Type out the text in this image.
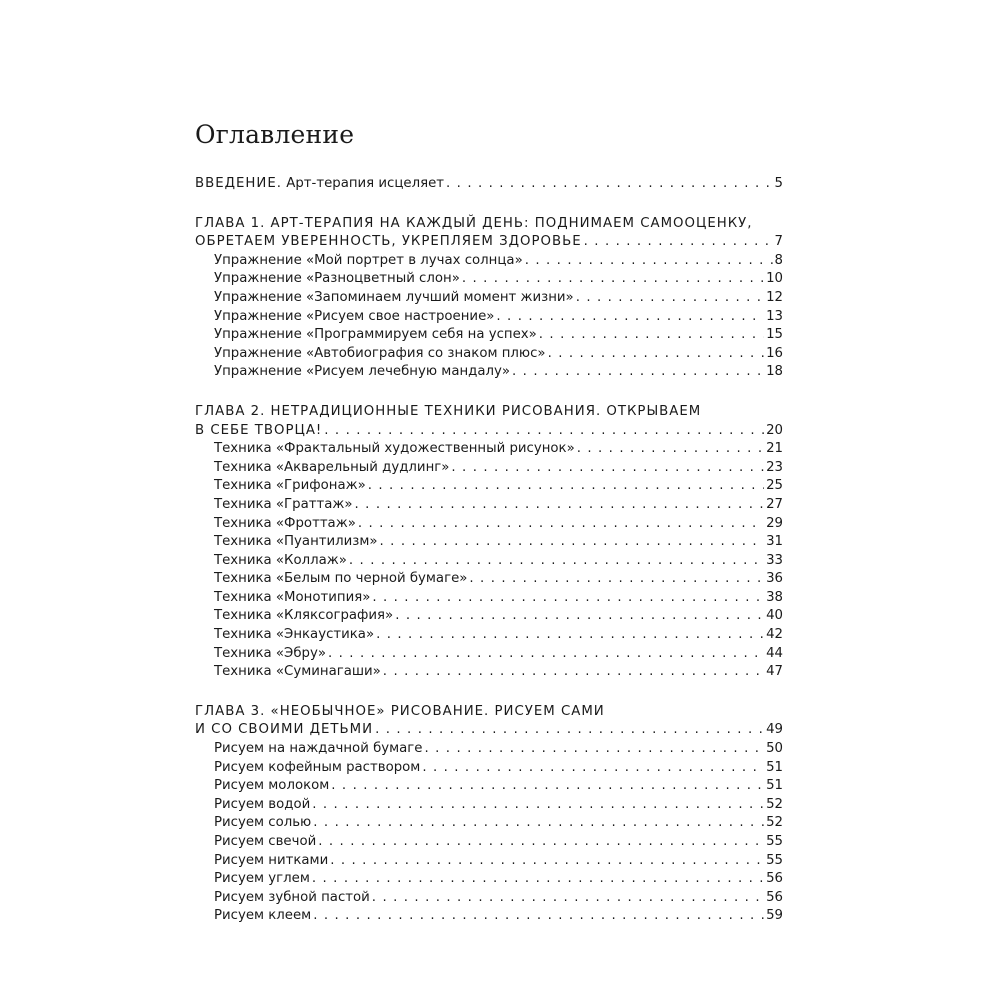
Оглавление
ВВЕДЕНИЕ. Арт-терапия исцеляет . . .	5
ГЛАВА 1. АРТ-ТЕРАПИЯ НА КАЖДЫЙ ДЕНЬ: ПОДНИМАЕМ САМООЦЕНКУ,
ОБРЕТАЕМ УВЕРЕННОСТЬ, УКРЕПЛЯЕМ ЗДОРОВЬЕ . . .	7
Упражнение «Мой портрет в лучах солнца» . . .	8
Упражнение «Разноцветный слон» . . .	10
Упражнение «Запоминаем лучший момент жизни» . . .	12
Упражнение «Рисуем свое настроение» . . .	13
Упражнение «Программируем себя на успех» . . .	15
Упражнение «Автобиография со знаком плюс» . . .	16
Упражнение «Рисуем лечебную мандалу» . . .	18
ГЛАВА 2. НЕТРАДИЦИОННЫЕ ТЕХНИКИ РИСОВАНИЯ. ОТКРЫВАЕМ
В СЕБЕ ТВОРЦА! . . .	20
Техника «Фрактальный художественный рисунок» . . .	21
Техника «Акварельный дудлинг» . . .	23
Техника «Грифонаж» . . .	25
Техника «Граттаж» . . .	27
Техника «Фроттаж» . . .	29
Техника «Пуантилизм» . . .	31
Техника «Коллаж» . . .	33
Техника «Белым по черной бумаге» . . .	36
Техника «Монотипия» . . .	38
Техника «Кляксография» . . .	40
Техника «Энкаустика» . . .	42
Техника «Эбру» . . .	44
Техника «Суминагаши» . . .	47
ГЛАВА 3. «НЕОБЫЧНОЕ» РИСОВАНИЕ. РИСУЕМ САМИ
И СО СВОИМИ ДЕТЬМИ . . .	49
Рисуем на наждачной бумаге . . .	50
Рисуем кофейным раствором . . .	51
Рисуем молоком . . .	51
Рисуем водой . . .	52
Рисуем солью . . .	52
Рисуем свечой . . .	55
Рисуем нитками . . .	55
Рисуем углем . . .	56
Рисуем зубной пастой . . .	56
Рисуем клеем . . .	59
